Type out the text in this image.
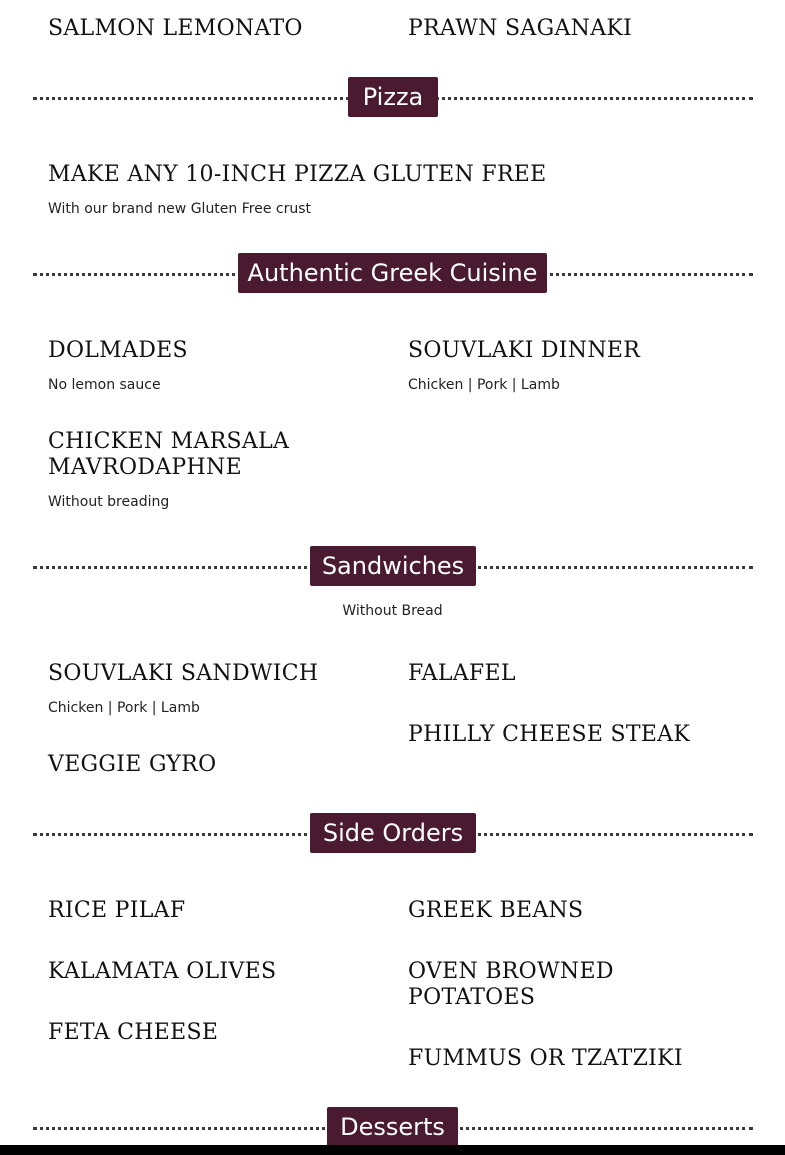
SALMON LEMONATO	PRAWN SAGANAKI
Pizza
MAKE ANY 10-INCH PIZZA GLUTEN FREE
With our brand new Gluten Free crust
Authentic Greek Cuisine
DOLMADES
No lemon sauce
SOUVLAKI DINNER
Chicken | Pork | Lamb
CHICKEN MARSALA MAVRODAPHNE
Without breading
Sandwiches
Without Bread
SOUVLAKI SANDWICH
Chicken | Pork | Lamb
FALAFEL
PHILLY CHEESE STEAK
VEGGIE GYRO
Side Orders
RICE PILAF	GREEK BEANS
KALAMATA OLIVES	OVEN BROWNED POTATOES
FETA CHEESE
FUMMUS OR TZATZIKI
Desserts
